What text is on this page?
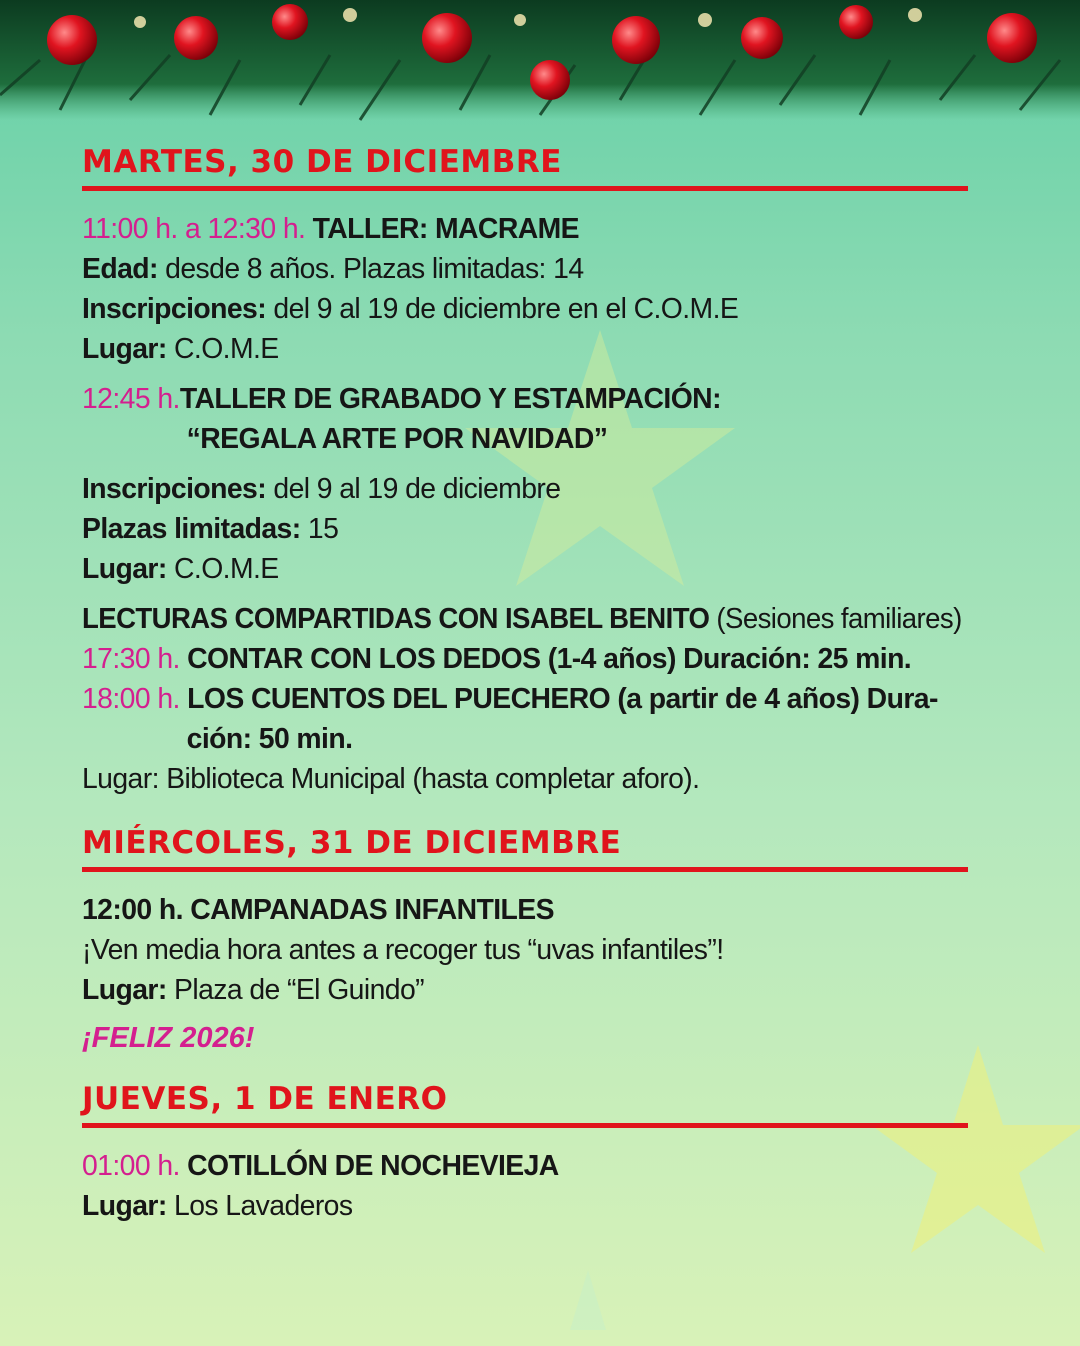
MARTES, 30 DE DICIEMBRE
11:00 h. a 12:30 h. TALLER: MACRAME
Edad: desde 8 años. Plazas limitadas: 14
Inscripciones: del 9 al 19 de diciembre en el C.O.M.E
Lugar: C.O.M.E
12:45 h.TALLER DE GRABADO Y ESTAMPACIÓN:
“REGALA ARTE POR NAVIDAD”
Inscripciones: del 9 al 19 de diciembre
Plazas limitadas: 15
Lugar: C.O.M.E
LECTURAS COMPARTIDAS CON ISABEL BENITO (Sesiones familiares)
17:30 h. CONTAR CON LOS DEDOS (1-4 años) Duración: 25 min.
18:00 h. LOS CUENTOS DEL PUECHERO (a partir de 4 años) Dura-
ción: 50 min.
Lugar: Biblioteca Municipal (hasta completar aforo).
MIÉRCOLES, 31 DE DICIEMBRE
12:00 h. CAMPANADAS INFANTILES
¡Ven media hora antes a recoger tus “uvas infantiles”!
Lugar: Plaza de “El Guindo”
¡FELIZ 2026!
JUEVES, 1 DE ENERO
01:00 h. COTILLÓN DE NOCHEVIEJA
Lugar: Los Lavaderos
